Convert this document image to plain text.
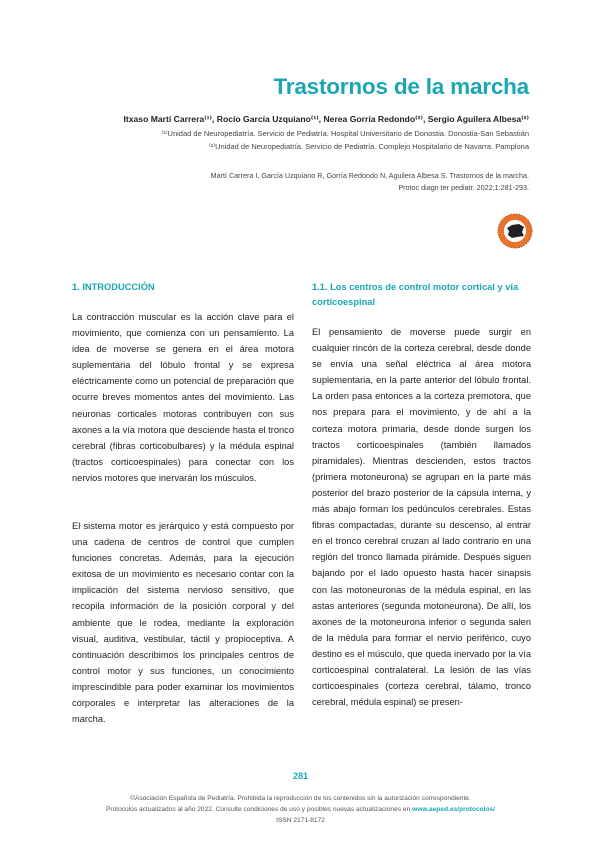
Trastornos de la marcha
Itxaso Martí Carrera⁽¹⁾, Rocío García Uzquiano⁽¹⁾, Nerea Gorría Redondo⁽²⁾, Sergio Aguilera Albesa⁽²⁾
⁽¹⁾Unidad de Neuropediatría. Servicio de Pediatría. Hospital Universitario de Donostia. Donostia-San Sebastián
⁽²⁾Unidad de Neuropediatría. Servicio de Pediatría. Complejo Hospitalario de Navarra. Pamplona
Martí Carrera I, García Uzquiano R, Gorría Redondo N, Aguilera Albesa S. Trastornos de la marcha.
Protoc diagn ter pediatr. 2022;1:281-293.
1. INTRODUCCIÓN

La contracción muscular es la acción clave para el movimiento, que comienza con un pensamiento. La idea de moverse se genera en el área motora suplementaria del lóbulo frontal y se expresa eléctricamente como un potencial de preparación que ocurre breves momentos antes del movimiento. Las neuronas corticales motoras contribuyen con sus axones a la vía motora que desciende hasta el tronco cerebral (fibras corticobulbares) y la médula espinal (tractos corticoespinales) para conectar con los nervios motores que inervarán los músculos.

El sistema motor es jerárquico y está compuesto por una cadena de centros de control que cumplen funciones concretas. Además, para la ejecución exitosa de un movimiento es necesario contar con la implicación del sistema nervioso sensitivo, que recopila información de la posición corporal y del ambiente que le rodea, mediante la exploración visual, auditiva, vestibular, táctil y propioceptiva. A continuación describimos los principales centros de control motor y sus funciones, un conocimiento imprescindible para poder examinar los movimientos corporales e interpretar las alteraciones de la marcha.

1.1. Los centros de control motor cortical y vía corticoespinal

El pensamiento de moverse puede surgir en cualquier rincón de la corteza cerebral, desde donde se envía una señal eléctrica al área motora suplementaria, en la parte anterior del lóbulo frontal. La orden pasa entonces a la corteza premotora, que nos prepara para el movimiento, y de ahí a la corteza motora primaria, desde donde surgen los tractos corticoespinales (también llamados piramidales). Mientras descienden, estos tractos (primera motoneurona) se agrupan en la parte más posterior del brazo posterior de la cápsula interna, y más abajo forman los pedúnculos cerebrales. Estas fibras compactadas, durante su descenso, al entrar en el tronco cerebral cruzan al lado contrario en una región del tronco llamada pirámide. Después siguen bajando por el lado opuesto hasta hacer sinapsis con las motoneuronas de la médula espinal, en las astas anteriores (segunda motoneurona). De allí, los axones de la motoneurona inferior o segunda salen de la médula para formar el nervio periférico, cuyo destino es el músculo, que queda inervado por la vía corticoespinal contralateral. La lesión de las vías corticoespinales (corteza cerebral, tálamo, tronco cerebral, médula espinal) se presen-

281
©Asociación Española de Pediatría. Prohibida la reproducción de los contenidos sin la autorización correspondiente.
Protocolos actualizados al año 2022. Consulte condiciones de uso y posibles nuevas actualizaciones en www.aeped.es/protocolos/
ISSN 2171-8172
